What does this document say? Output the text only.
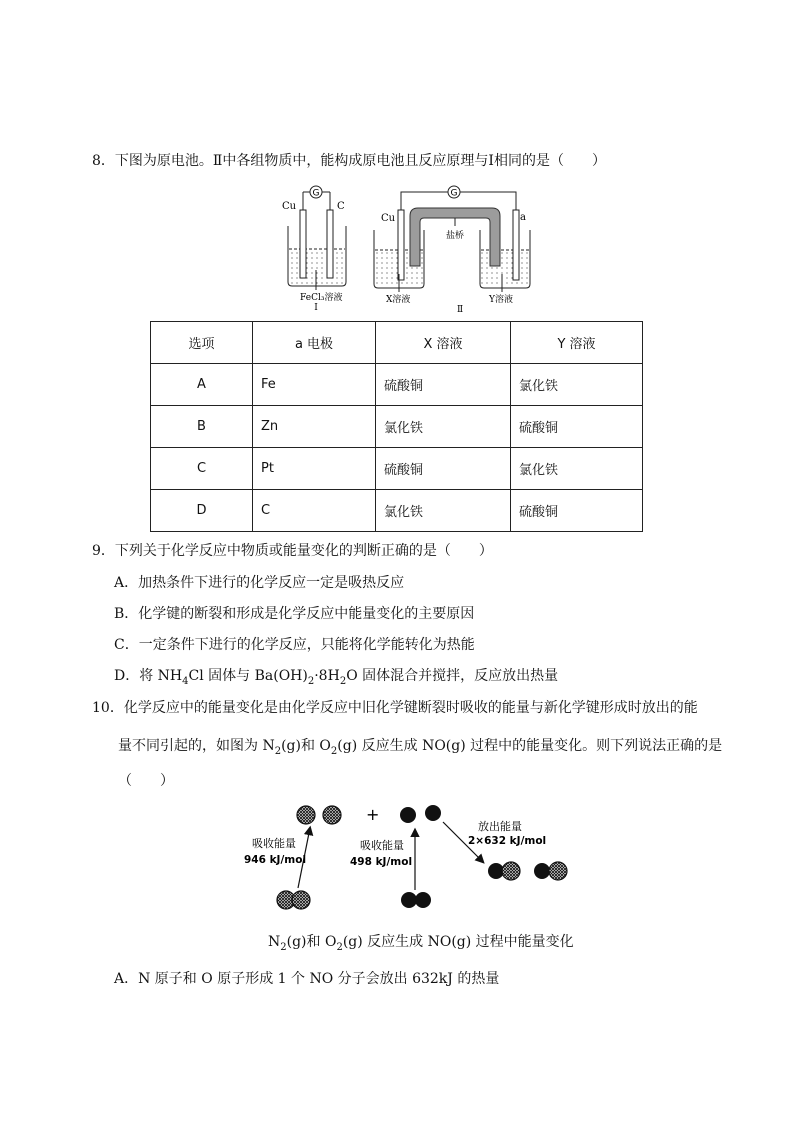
8．下图为原电池。Ⅱ中各组物质中，能构成原电池且反应原理与Ⅰ相同的是（　　）
G
Cu	C
FeCl₃溶液
Ⅰ
G
Cu	a
盐桥
X溶液	Y溶液
Ⅱ
选项	a 电极	X 溶液	Y 溶液
A	Fe	硫酸铜	氯化铁
B	Zn	氯化铁	硫酸铜
C	Pt	硫酸铜	氯化铁
D	C	氯化铁	硫酸铜
9．下列关于化学反应中物质或能量变化的判断正确的是（　　）
A．加热条件下进行的化学反应一定是吸热反应
B．化学键的断裂和形成是化学反应中能量变化的主要原因
C．一定条件下进行的化学反应，只能将化学能转化为热能
D．将 $NH_4Cl$ 固体与 $Ba(OH)_2\cdot 8H_2O$ 固体混合并搅拌，反应放出热量
10．化学反应中的能量变化是由化学反应中旧化学键断裂时吸收的能量与新化学键形成时放出的能
量不同引起的，如图为 $N_2(g)$和 $O_2(g)$ 反应生成 NO(g) 过程中的能量变化。则下列说法正确的是
（　　）
吸收能量
946 kJ/mol
+
吸收能量
498 kJ/mol
放出能量
2×632 kJ/mol
$N_2(g)$和 $O_2(g)$ 反应生成 NO(g) 过程中能量变化
A．N 原子和 O 原子形成 1 个 NO 分子会放出 632kJ 的热量
